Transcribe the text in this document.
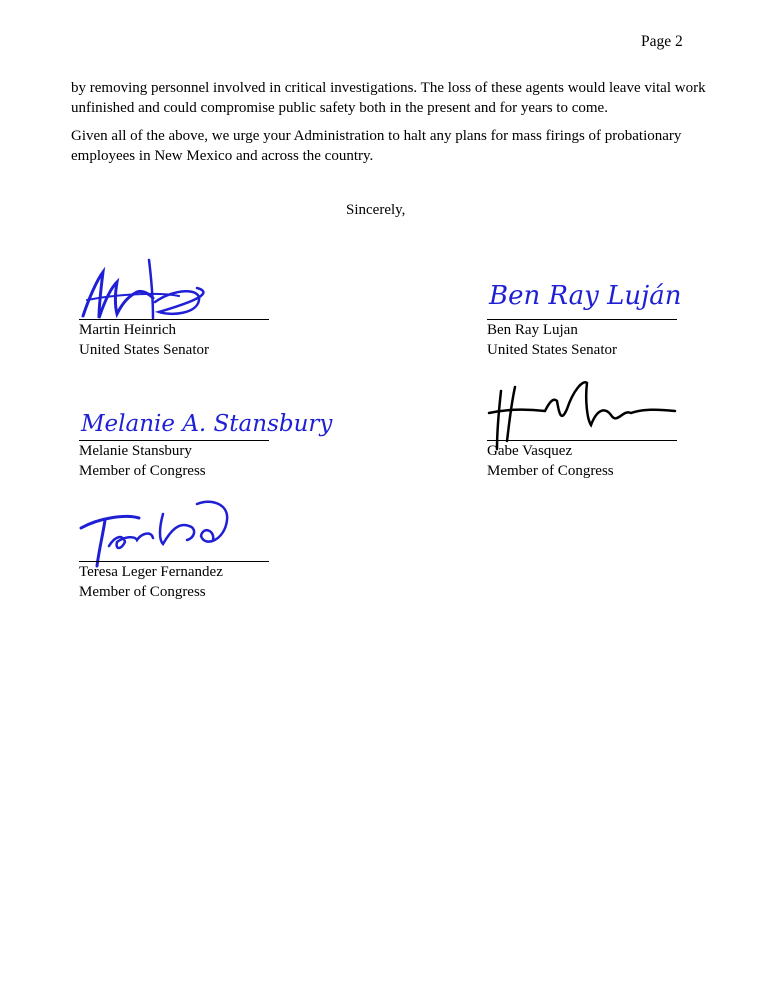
Page 2
by removing personnel involved in critical investigations. The loss of these agents would leave vital work unfinished and could compromise public safety both in the present and for years to come.
Given all of the above, we urge your Administration to halt any plans for mass firings of probationary employees in New Mexico and across the country.
Sincerely,
Martin Heinrich
United States Senator
Ben Ray Luján
Ben Ray Lujan
United States Senator
Melanie A. Stansbury
Melanie Stansbury
Member of Congress
Gabe Vasquez
Member of Congress
Teresa Leger Fernandez
Member of Congress
